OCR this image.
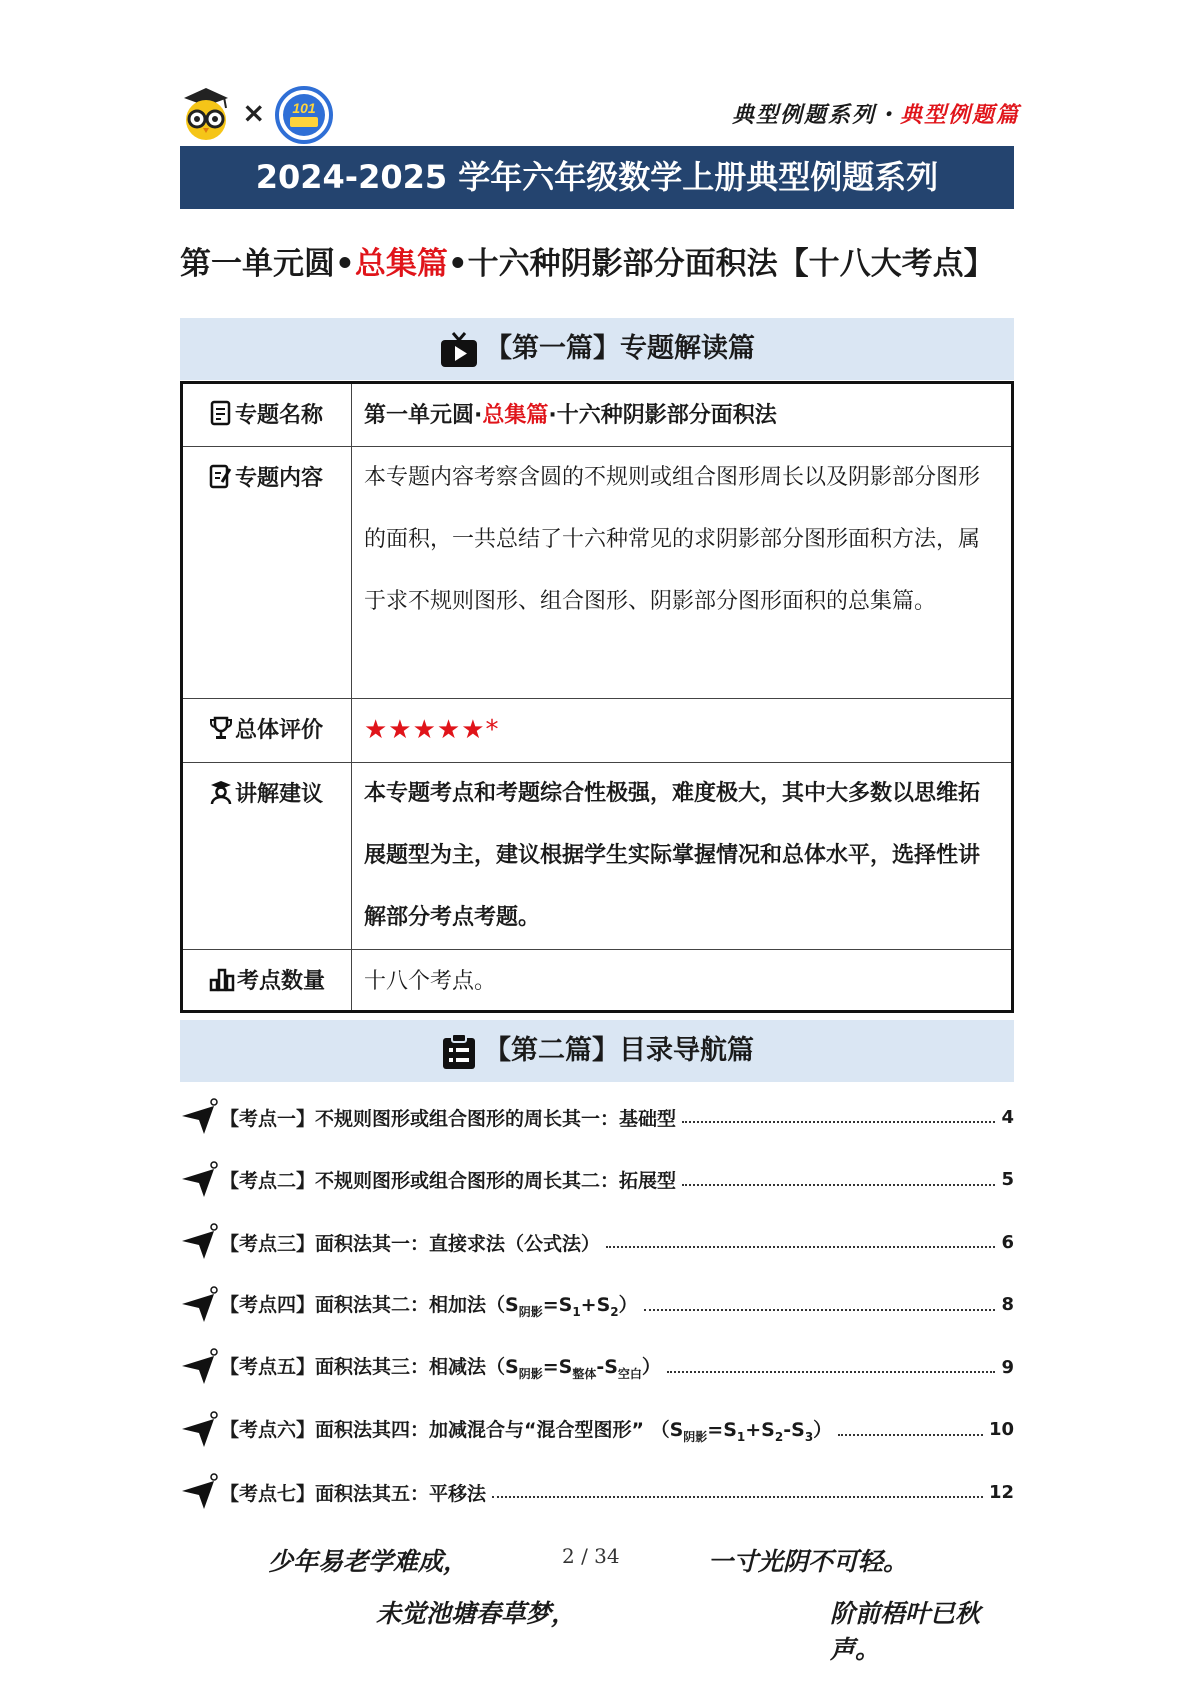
× 101	典型例题系列・典型例题篇
2024-2025 学年六年级数学上册典型例题系列
第一单元圆•总集篇•十六种阴影部分面积法【十八大考点】
【第一篇】专题解读篇
专题名称	第一单元圆·总集篇·十六种阴影部分面积法
专题内容	本专题内容考察含圆的不规则或组合图形周长以及阴影部分图形的面积，一共总结了十六种常见的求阴影部分图形面积方法，属于求不规则图形、组合图形、阴影部分图形面积的总集篇。
总体评价	★★★★★*
讲解建议	本专题考点和考题综合性极强，难度极大，其中大多数以思维拓展题型为主，建议根据学生实际掌握情况和总体水平，选择性讲解部分考点考题。
考点数量	十八个考点。
【第二篇】目录导航篇
【考点一】不规则图形或组合图形的周长其一：基础型	4
【考点二】不规则图形或组合图形的周长其二：拓展型	5
【考点三】面积法其一：直接求法（公式法）	6
【考点四】面积法其二：相加法$(S_{阴影}=S_1+S_2)$	8
【考点五】面积法其三：相减法$(S_{阴影}=S_{整体}-S_{空白})$	9
【考点六】面积法其四：加减混合与“混合型图形” $(S_{阴影}=S_1+S_2-S_3)$	10
【考点七】面积法其五：平移法	12
少年易老学难成，	2 / 34	一寸光阴不可轻。
未觉池塘春草梦，	阶前梧叶已秋声。
